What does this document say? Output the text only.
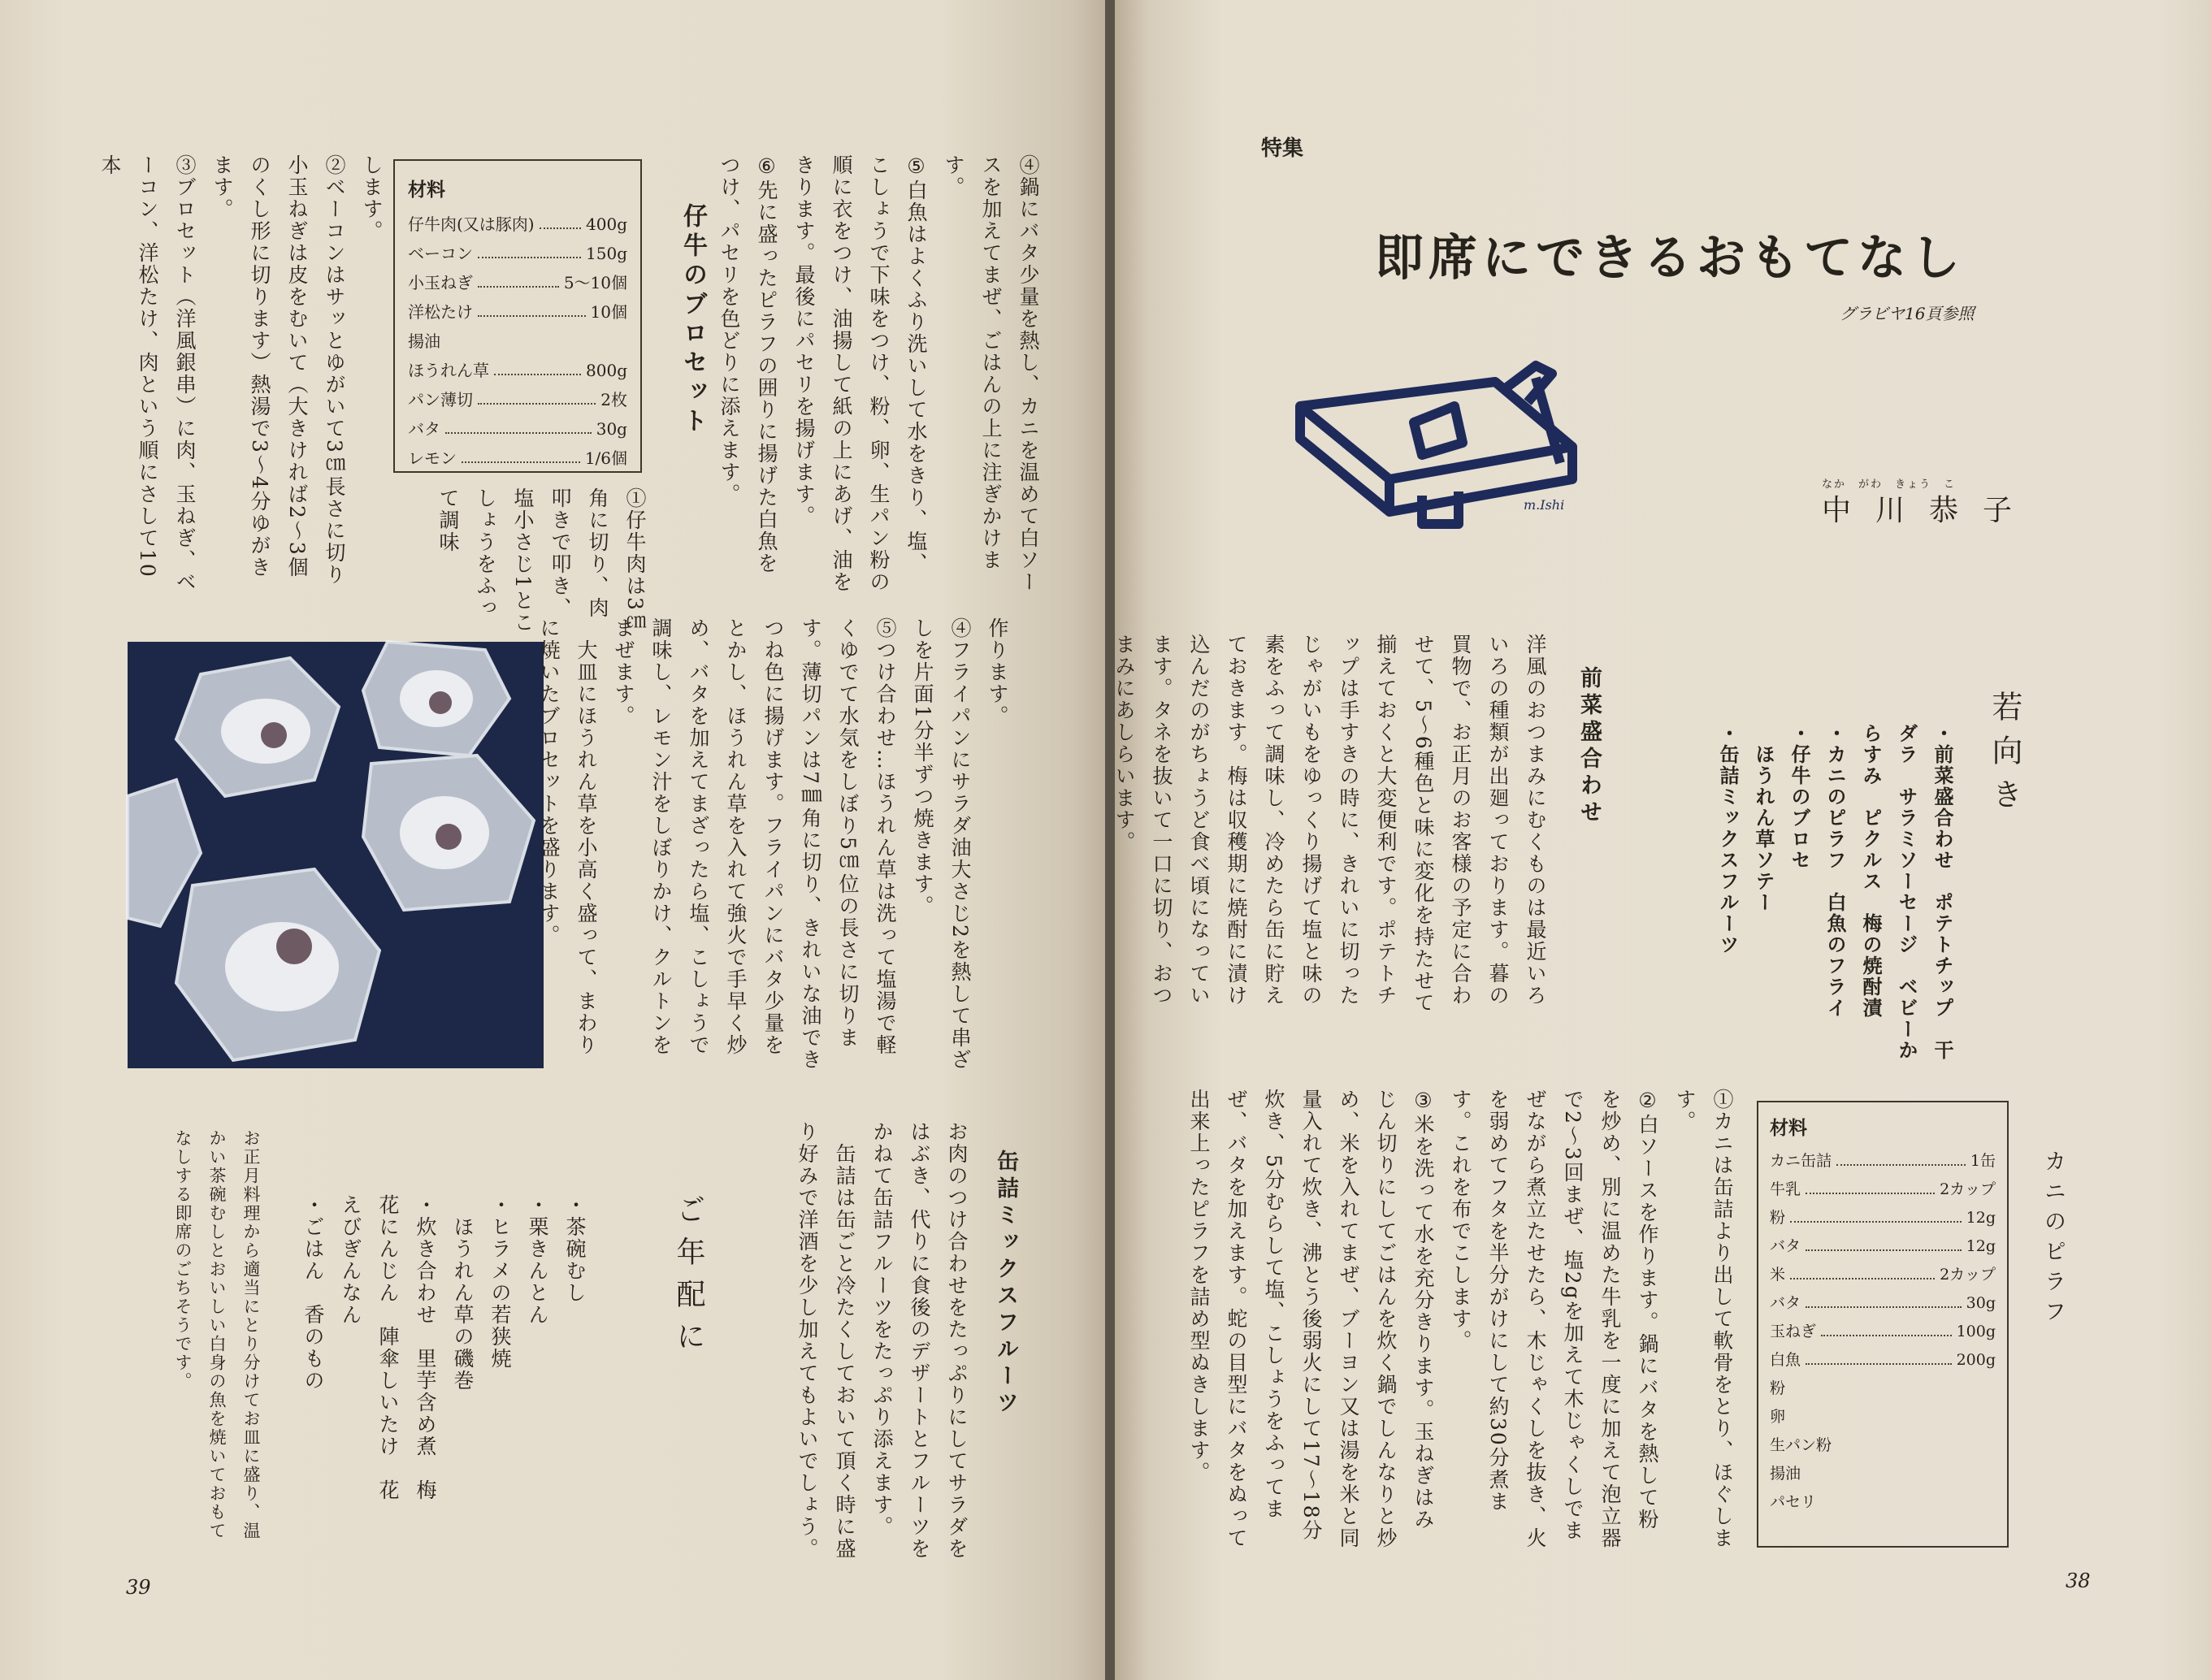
④鍋にバタ少量を熱し、カニを温めて白ソースを加えてまぜ、ごはんの上に注ぎかけます。
⑤白魚はよくふり洗いして水をきり、塩、こしょうで下味をつけ、粉、卵、生パン粉の順に衣をつけ、油揚して紙の上にあげ、油をきります。最後にパセリを揚げます。
⑥先に盛ったピラフの囲りに揚げた白魚をつけ、パセリを色どりに添えます。

仔牛のブロセット
材料
仔牛肉(又は豚肉)	400g
ベーコン	150g
小玉ねぎ	5〜10個
洋松たけ	10個
揚油
ほうれん草	800g
パン薄切	2枚
バタ	30g
レモン	1/6個

①仔牛肉は3㎝角に切り、肉叩きで叩き、塩小さじ1とこしょうをふって調味

します。
②ベーコンはサッとゆがいて3㎝長さに切り小玉ねぎは皮をむいて（大きければ2〜3個のくし形に切ります）熱湯で3〜4分ゆがきます。
③ブロセット（洋風銀串）に肉、玉ねぎ、ベーコン、洋松たけ、肉という順にさして10本

作ります。
④フライパンにサラダ油大さじ2を熱して串ざしを片面1分半ずつ焼きます。
⑤つけ合わせ…ほうれん草は洗って塩湯で軽くゆでて水気をしぼり5㎝位の長さに切ります。薄切パンは7㎜角に切り、きれいな油できつね色に揚げます。フライパンにバタ少量をとかし、ほうれん草を入れて強火で手早く炒め、バタを加えてまざったら塩、こしょうで調味し、レモン汁をしぼりかけ、クルトンをまぜます。
　大皿にほうれん草を小高く盛って、まわりに焼いたブロセットを盛ります。

缶詰ミックスフルーツ

お肉のつけ合わせをたっぷりにしてサラダをはぶき、代りに食後のデザートとフルーツをかねて缶詰フルーツをたっぷり添えます。
　缶詰は缶ごと冷たくしておいて頂く時に盛り好みで洋酒を少し加えてもよいでしょう。

ご年配に

・茶碗むし
・栗きんとん
・ヒラメの若狭焼
　ほうれん草の磯巻
・炊き合わせ　里芋含め煮　梅花にんじん　陣傘しいたけ　花えびぎんなん
・ごはん　香のもの

お正月料理から適当にとり分けてお皿に盛り、温かい茶碗むしとおいしい白身の魚を焼いておもてなしする即席のごちそうです。

39
特集
即席にできるおもてなし
グラビヤ16頁参照
m.Ishi
なか　がわ　きょう　こ
中川恭子
若向き

・前菜盛合わせ　ポテトチップ　干ダラ　サラミソーセージ　ベビーからすみ　ピクルス　梅の焼酎漬
・カニのピラフ　白魚のフライ
・仔牛のブロセ
　ほうれん草ソテー
・缶詰ミックスフルーツ

前菜盛合わせ

洋風のおつまみにむくものは最近いろいろの種類が出廻っております。暮の買物で、お正月のお客様の予定に合わせて、5〜6種色と味に変化を持たせて揃えておくと大変便利です。ポテトチップは手すきの時に、きれいに切ったじゃがいもをゆっくり揚げて塩と味の素をふって調味し、冷めたら缶に貯えておきます。梅は収穫期に焼酎に漬け込んだのがちょうど食べ頃になっています。タネを抜いて一口に切り、おつまみにあしらいます。

カニのピラフ
材料
カニ缶詰	1缶
牛乳	2カップ
粉	12g
バタ	12g
米	2カップ
バタ	30g
玉ねぎ	100g
白魚	200g
粉
卵
生パン粉
揚油
パセリ

①カニは缶詰より出して軟骨をとり、ほぐします。
②白ソースを作ります。鍋にバタを熱して粉を炒め、別に温めた牛乳を一度に加えて泡立器で2〜3回まぜ、塩2gを加えて木じゃくしでまぜながら煮立たせたら、木じゃくしを抜き、火を弱めてフタを半分がけにして約30分煮ます。これを布でこします。
③米を洗って水を充分きります。玉ねぎはみじん切りにしてごはんを炊く鍋でしんなりと炒め、米を入れてまぜ、ブーヨン又は湯を米と同量入れて炊き、沸とう後弱火にして17〜18分炊き、5分むらして塩、こしょうをふってまぜ、バタを加えます。蛇の目型にバタをぬって出来上ったピラフを詰め型ぬきします。

38
